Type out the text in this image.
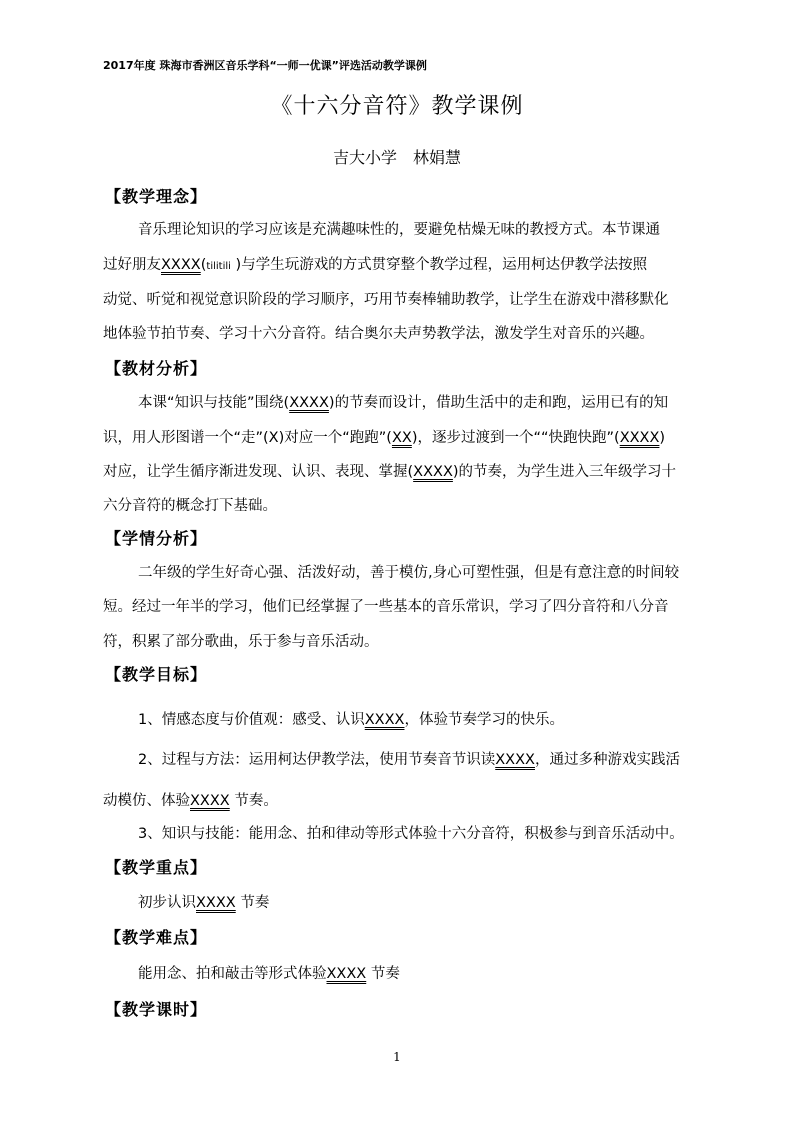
2017年度 珠海市香洲区音乐学科“一师一优课”评选活动教学课例
《十六分音符》教学课例
吉大小学　林娟慧
【教学理念】
音乐理论知识的学习应该是充满趣味性的，要避免枯燥无味的教授方式。本节课通
过好朋友XXXX(tilitili )与学生玩游戏的方式贯穿整个教学过程，运用柯达伊教学法按照
动觉、听觉和视觉意识阶段的学习顺序，巧用节奏棒辅助教学，让学生在游戏中潜移默化
地体验节拍节奏、学习十六分音符。结合奥尔夫声势教学法，激发学生对音乐的兴趣。
【教材分析】
本课“知识与技能”围绕(XXXX)的节奏而设计，借助生活中的走和跑，运用已有的知
识，用人形图谱一个“走”(X)对应一个“跑跑”(XX)，逐步过渡到一个““快跑快跑”(XXXX)
对应，让学生循序渐进发现、认识、表现、掌握(XXXX)的节奏，为学生进入三年级学习十
六分音符的概念打下基础。
【学情分析】
二年级的学生好奇心强、活泼好动，善于模仿,身心可塑性强，但是有意注意的时间较
短。经过一年半的学习，他们已经掌握了一些基本的音乐常识，学习了四分音符和八分音
符，积累了部分歌曲，乐于参与音乐活动。
【教学目标】
1、情感态度与价值观：感受、认识XXXX，体验节奏学习的快乐。
2、过程与方法：运用柯达伊教学法，使用节奏音节识读XXXX，通过多种游戏实践活
动模仿、体验XXXX 节奏。
3、知识与技能：能用念、拍和律动等形式体验十六分音符，积极参与到音乐活动中。
【教学重点】
初步认识XXXX 节奏
【教学难点】
能用念、拍和敲击等形式体验XXXX 节奏
【教学课时】
1
